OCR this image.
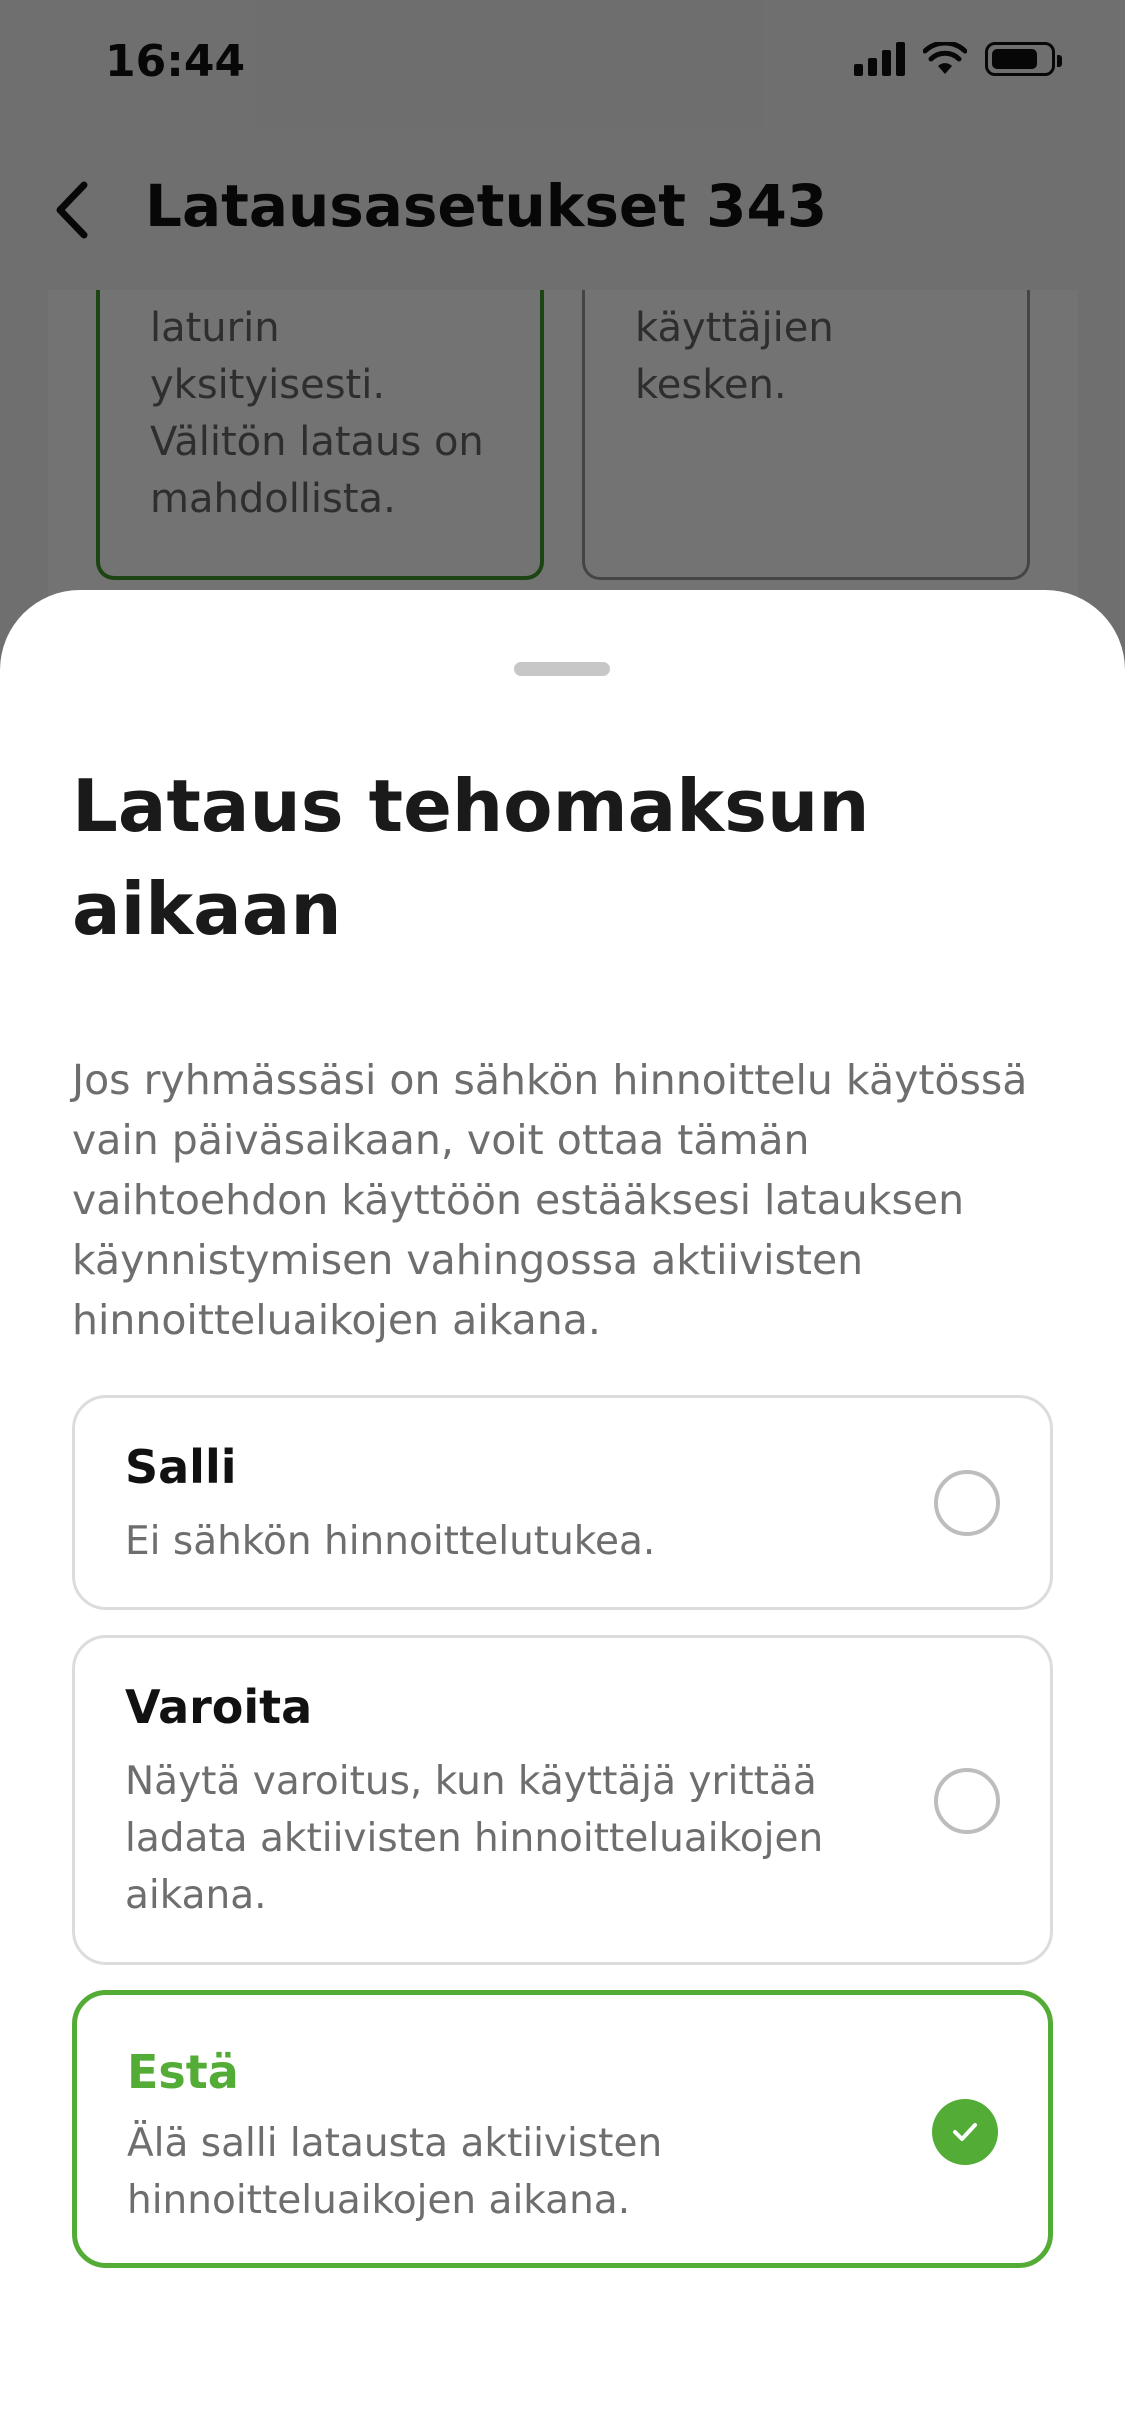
Lataus tehomaksun aikaan
Jos ryhmässäsi on sähkön hinnoittelu käytössä vain päiväsaikaan, voit ottaa tämän vaihtoehdon käyttöön estääksesi latauksen käynnistymisen vahingossa aktiivisten hinnoitteluaikojen aikana.
Salli
Ei sähkön hinnoittelutukea.
Varoita
Näytä varoitus, kun käyttäjä yrittää ladata aktiivisten hinnoitteluaikojen aikana.
Estä
Älä salli latausta aktiivisten hinnoitteluaikojen aikana.
